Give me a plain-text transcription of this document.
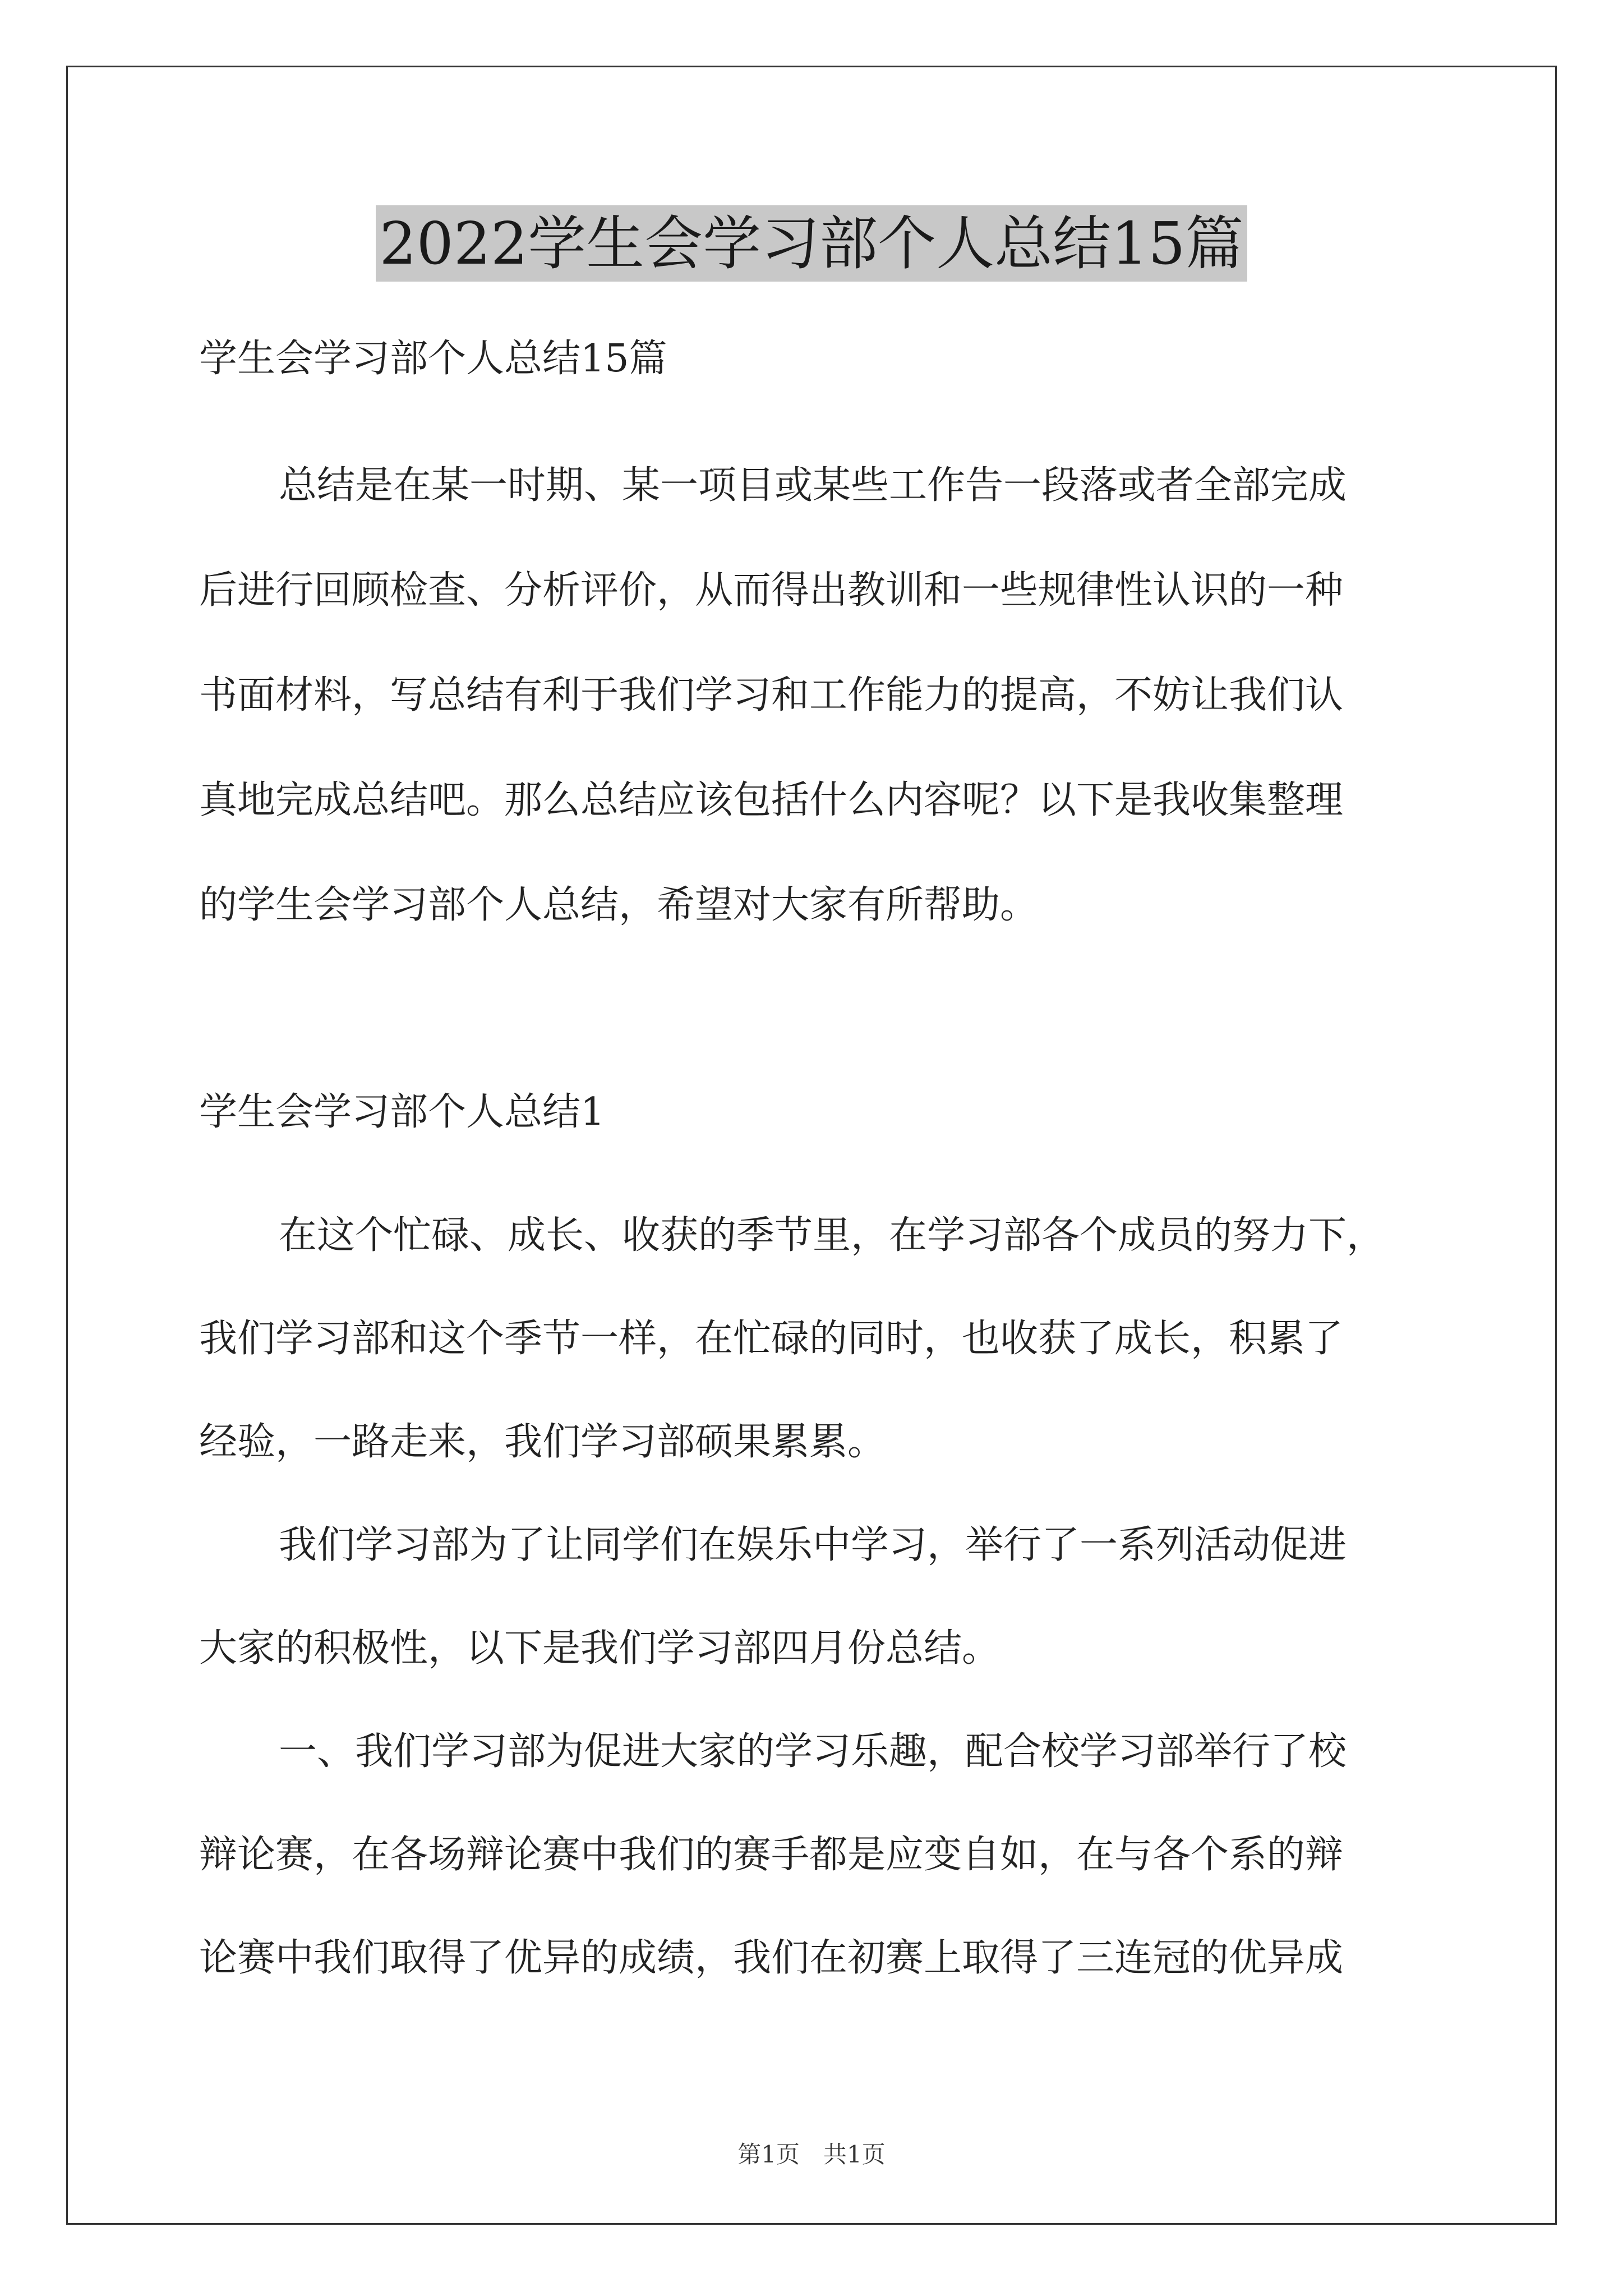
2022学生会学习部个人总结15篇
学生会学习部个人总结15篇
总结是在某一时期、某一项目或某些工作告一段落或者全部完成
后进行回顾检查、分析评价，从而得出教训和一些规律性认识的一种
书面材料，写总结有利于我们学习和工作能力的提高，不妨让我们认
真地完成总结吧。那么总结应该包括什么内容呢？以下是我收集整理
的学生会学习部个人总结，希望对大家有所帮助。
学生会学习部个人总结1
在这个忙碌、成长、收获的季节里，在学习部各个成员的努力下，
我们学习部和这个季节一样，在忙碌的同时，也收获了成长，积累了
经验，一路走来，我们学习部硕果累累。
我们学习部为了让同学们在娱乐中学习，举行了一系列活动促进
大家的积极性，以下是我们学习部四月份总结。
一、我们学习部为促进大家的学习乐趣，配合校学习部举行了校
辩论赛，在各场辩论赛中我们的赛手都是应变自如，在与各个系的辩
论赛中我们取得了优异的成绩，我们在初赛上取得了三连冠的优异成
第1页　共1页
